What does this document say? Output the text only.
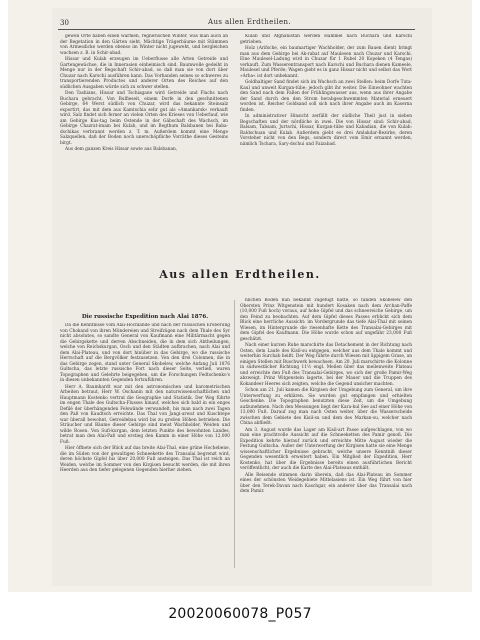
30	Aus allen Erdtheilen.

gewen Orte haben einen warmen, regnerischen Winter, was man auch an der Begetation in den Gärten sieht. Mächtige Trägerbäume mit Stämmen von Armesdicke werden ebenso im Winter nicht jugeweht, und bergleichen wachsen z. B. in Schir-abad.

Hissar und Kulab erzeugen im Ueberflusse alle Arten Getreide und Gartengewächse, die in Innerasien einheimisch sind. Baumwolle gedeiht in Menge nur in der Begschaft Schir-abad, so daß man sie von dort über Chuzar nach Karschi ausführen kann. Das Vorhanden seines so schweres zu transportierenden Productes und anderer Orten des Reiches auf den südlichen Ausgaben würde sich zu schwer stellen.

Den Tashians, Hissar und Tschiagane wird Getreide und Flachs nach Buchara gebracht. Von Bulfieseit, einem Dorfe in den geschnittenen Gebirge, 64 Werst südlich von Chuzar, wird das bekannte Steinsalz exportirt, das mit dem aus Kamtschia sehr gut als »Amankarsk« verkauft wird. Salz findet sich ferner an vielen Orten des Krieses von Ueberlauf, wie am Gebirge Kus-tag beim Ostende in der Gäbschaft des Wachsch, im Gebirge Chazrat-imam bei Kulab, und im Begthum Balsbanen bei Baba-dschikas verbrannt werden z. T. m. Außerdem kommt eine Menge Salzquellen, daß der Boden noch unerschöpfliche Vorräthe dieses Gesteins birgt.

Aus dem ganzen Kreis Hissar sowie aus Balsbanan,

Kulab und Afghanistan werden Hammel nach Buchara und Karschi getrieben.

Holz (Arifsche, ein baumartiger Wachholder, der zum Bauen dient) bringt man aus dem Gebirge bei Ak-rabat auf Maulesen nach Chuzar und Karschi. Eine Maulesel-Ladung wird in Chuzar für 1 Rubel 20 Kopeken (4 Tengas) verkauft. Zum Wasserentransport nach Karschi und Buchara dienen Kameele, Maulesel und Pferde; Wagen giebt es in ganz Hissar nicht und selbst das Wort »Arba« ist dort unbekannt.

Goldhaltiger Sand findet sich im Wachsch an zwei Stellen: beim Dorfe Tuta-Kaul und unweit Kurgan-tübe; jedoch gibt ihr weiter. Die Einwohner wachten den Sand nach dem Fallen der Frühlingswasser aus, wenn aus ihrer Angabe der Sand durch den den Strom herabgeschwemmten Material erneuert worden ist. Reicher Goldsand soll sich nach ihrer Angabe auch im Kaserna finden.

In administrativer Hinsicht zerfällt der südliche Theil just in sieben Begschaften und der nördliche in zwei. Die von Hissar sind: Schir-abad, Balsam, Tabsam, Jurtschi, Hissar, Kurgan-tübe und Kabadian, die von Kulab: Baldschuan und Kulab. Außerdem giebt es drei Amlakdar-Bezirke, deren Vorsteher nicht von den Begs, sondern direct vom Emir ernannt werden, nämlich Tschara, Sary-dschui und Faizabad.

Aus allen Erdtheilen.
Die russische Expedition nach Alai 1876.

Da die Kenntnisse vom Alai-Hochlande und nach der russischen Eroberung von Chokand von ihren Mündereien und Streifzügen nach dem Thale des Syr nicht absolutes, so sandte General von Kaufmann eine Militärmacht gegen die Gebirgskette und derren Abschneiden, die in dem sich Abtheilungen, welche von Reichskurgan, Osch und den Städten aufbrachen, nach Alai und dem Alai-Plateau, und von dort hinüber in das Gebirge, wo die russische Herrschaft auf die Bergvölker festzusetzen. Von den drei Colonnen, die in das Gebirge zogen, stand unter General Skobelew, welche Anfang Juli 1876 Gultscha, das letzte russische Fort nach dieser Seite, verließ, waren Topographen und Gelehrte beigegeben, um die Forschungen Fedtschenko's in diesen unbekannten Gegenden fortzuführen.

Herr A. Baumhardt war mit den astronomischen und barometrischen Arbeiten betraut, Herr W. Oschanin mit den naturwissenschaftlichen und Hauptmann Kostenko vertrat die Geographie und Statistik. Der Weg führte im engen Thale des Gultscha-Flusses hinauf, welches sich bald in ein enges Defilé der überhängenden Felswände verwandelt, bis man nach zwei Tagen den Paß von Kaudtsch erreichte. Das Thal von Jangi-arwat und Kuschtepe war überall bewohnt, Getreidebau wird bis zu großen Höhen betrieben. Die Sträucher und Bäume dieser Gebirge sind meist Wachholder, Weiden und wilde Rosen. Von Sufi-kurgan, dem letzten Punkte des bewohnten Landes, betrat man den Alai-Paß und erstieg den Kamm in einer Höhe von 12,000 Fuß.

Hier öffnete sich der Blick auf das breite Alai-Thal, eine grüne Hochebene, die im Süden von der gewaltigen Schneekette des Transalai begrenzt wird, deren höchste Gipfel bis über 20,000 Fuß ansteigen. Das Thal ist reich an Weiden, welche im Sommer von den Kirgisen besucht werden, die mit ihren Heerden aus den tiefer gelegenen Gegenden hierher ziehen.

hlichen Boden nun bekannt zugefügt hatte, so fanden Skobelew den Obersten Prinz Witgenstein mit hundert Kosaken nach dem Archan-Paffe (10,000 Fuß hoch) voraus, auf hohe Gipfel und das schneereiche Gebirge, um den Feind zu beobachten. Auf dem Gipfel dieses Passes erblickt sich dem Blick eine herrliche Aussicht: im Vordergrunde das tiefe Alai-Thal mit seinen Wiesen, im Hintergrunde die riesenhafte Kette des Transalai-Gebirges mit dem Gipfel des Kaufmann. Die Höhe wurde schon auf ungefähr 23,000 Fuß geschätzt.

Nach einer kurzen Ruhe marschirte das Detachement in der Richtung nach Osten, dem Laufe des Kisil-su entgegen, welcher aus dem Thale kommt und weiterhin Surchab heißt. Der Weg führte durch Wiesen mit üppigem Grase, an einigen Stellen mit Buschwerk bewachsen. Am 20. Juli marschirte die Kolonne in südwestlicher Richtung 11½ engl. Meilen über das meilenweite Plateau und erreichte den Fuß des Transalai-Gebirges, wo sich der große Pamir-Weg abzweigt. Prinz Witgenstein lagerte, bei der Mauer und die Truppen des Kokandeer Heeres sich zeigten, welche die Gegend unsicher machten.

Schon am 21. Juli kamen die Kirgisen der Umgebung zum General, um ihre Unterwerfung zu erklären. Sie wurden gut empfangen und erhielten Geschenke. Die Topographen benutzten diese Zeit, um die Umgebung aufzunehmen. Nach den Messungen liegt der Kara-kul See auf einer Höhe von 13,000 Fuß. Darauf zog man nach Osten weiter, über die Wasserscheide zwischen dem Gebiete des Kisil-su und dem des Markan-su, welcher nach China abfließt.

Am 3. August wurde das Lager am Kisil-art Passe aufgeschlagen, von wo man eine prachtvolle Aussicht auf die Schneeketten des Pamir genoß. Die Expedition kehrte hierauf zurück und erreichte Mitte August wieder die Festung Gultscha. Außer der Unterwerfung der Kirgisen hatte sie eine Menge wissenschaftlicher Ergebnisse gebracht, welche unsere Kenntniß dieser Gegenden wesentlich erweitert haben. Ein Mitglied der Expedition, Herr Kostenko, hat über die Ergebnisse bereits einen ausführlichen Bericht veröffentlicht, der auch die Karte des Alai-Plateaus enthält.

Alle Reisende stimmen darin überein, daß das Alai-Plateau im Sommer eines der schönsten Weidegebiete Mittelasiens ist. Ein Weg führt von hier über den Terek-Davan nach Kaschgar, ein anderer über das Transalai nach dem Pamir.

20020060078_P057
